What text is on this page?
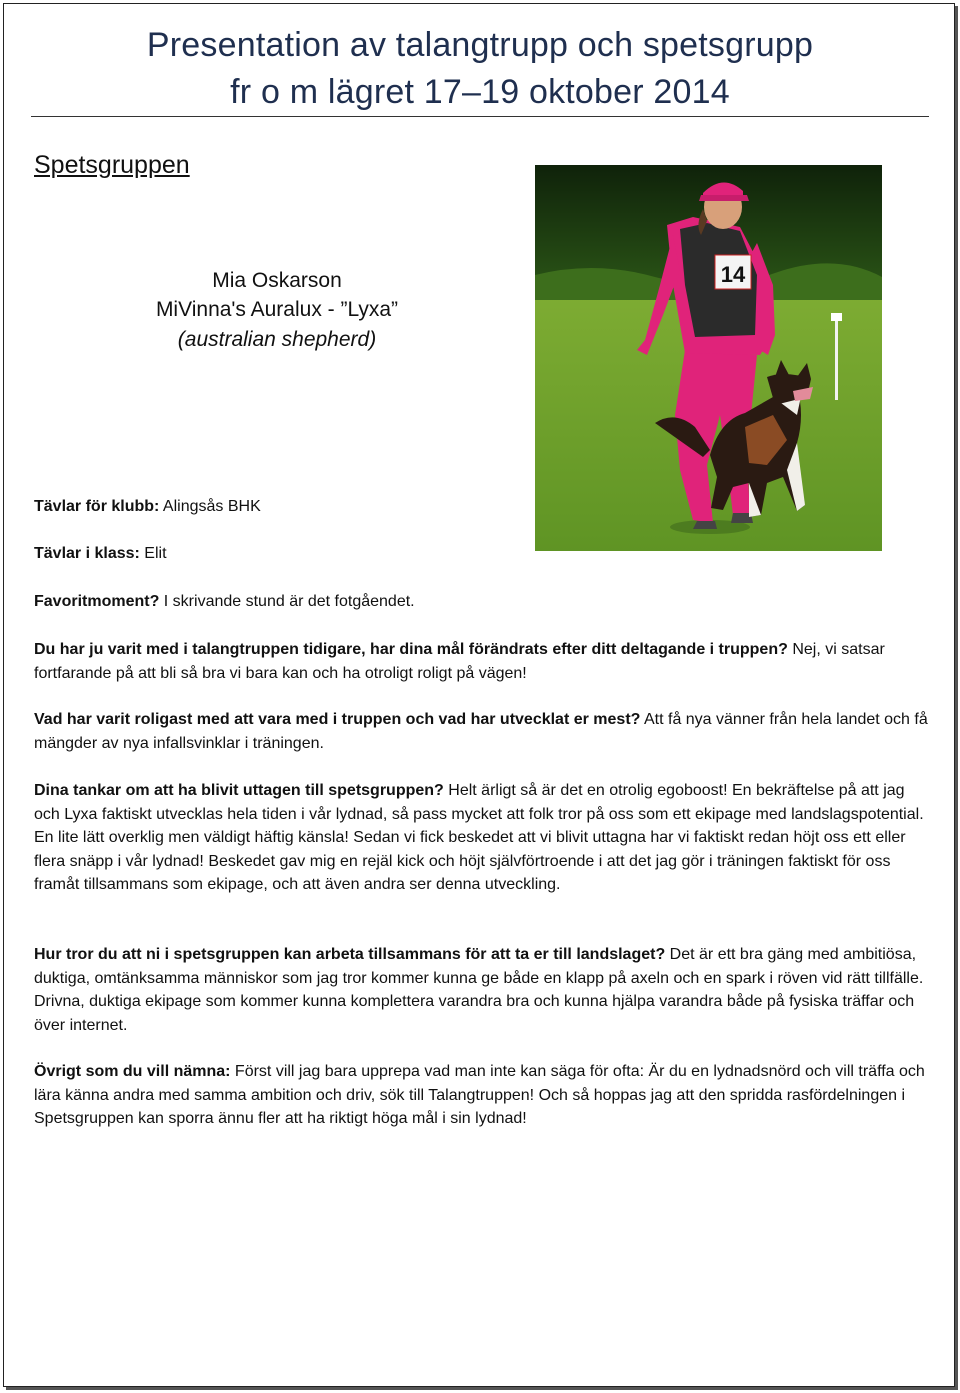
Presentation av talangtrupp och spetsgrupp
fr o m lägret 17–19 oktober 2014
Spetsgruppen
Mia Oskarson
MiVinna's Auralux - ”Lyxa”
(australian shepherd)
14
Tävlar för klubb: Alingsås BHK
Tävlar i klass: Elit
Favoritmoment? I skrivande stund är det fotgåendet.
Du har ju varit med i talangtruppen tidigare, har dina mål förändrats efter ditt deltagande i truppen? Nej, vi satsar fortfarande på att bli så bra vi bara kan och ha otroligt roligt på vägen!
Vad har varit roligast med att vara med i truppen och vad har utvecklat er mest? Att få nya vänner från hela landet och få mängder av nya infallsvinklar i träningen.
Dina tankar om att ha blivit uttagen till spetsgruppen? Helt ärligt så är det en otrolig egoboost! En bekräftelse på att jag och Lyxa faktiskt utvecklas hela tiden i vår lydnad, så pass mycket att folk tror på oss som ett ekipage med landslagspotential. En lite lätt overklig men väldigt häftig känsla! Sedan vi fick beskedet att vi blivit uttagna har vi faktiskt redan höjt oss ett eller flera snäpp i vår lydnad! Beskedet gav mig en rejäl kick och höjt självförtroende i att det jag gör i träningen faktiskt för oss framåt tillsammans som ekipage, och att även andra ser denna utveckling.
Hur tror du att ni i spetsgruppen kan arbeta tillsammans för att ta er till landslaget? Det är ett bra gäng med ambitiösa, duktiga, omtänksamma människor som jag tror kommer kunna ge både en klapp på axeln och en spark i röven vid rätt tillfälle. Drivna, duktiga ekipage som kommer kunna komplettera varandra bra och kunna hjälpa varandra både på fysiska träffar och över internet.
Övrigt som du vill nämna: Först vill jag bara upprepa vad man inte kan säga för ofta: Är du en lydnadsnörd och vill träffa och lära känna andra med samma ambition och driv, sök till Talangtruppen! Och så hoppas jag att den spridda rasfördelningen i Spetsgruppen kan sporra ännu fler att ha riktigt höga mål i sin lydnad!
